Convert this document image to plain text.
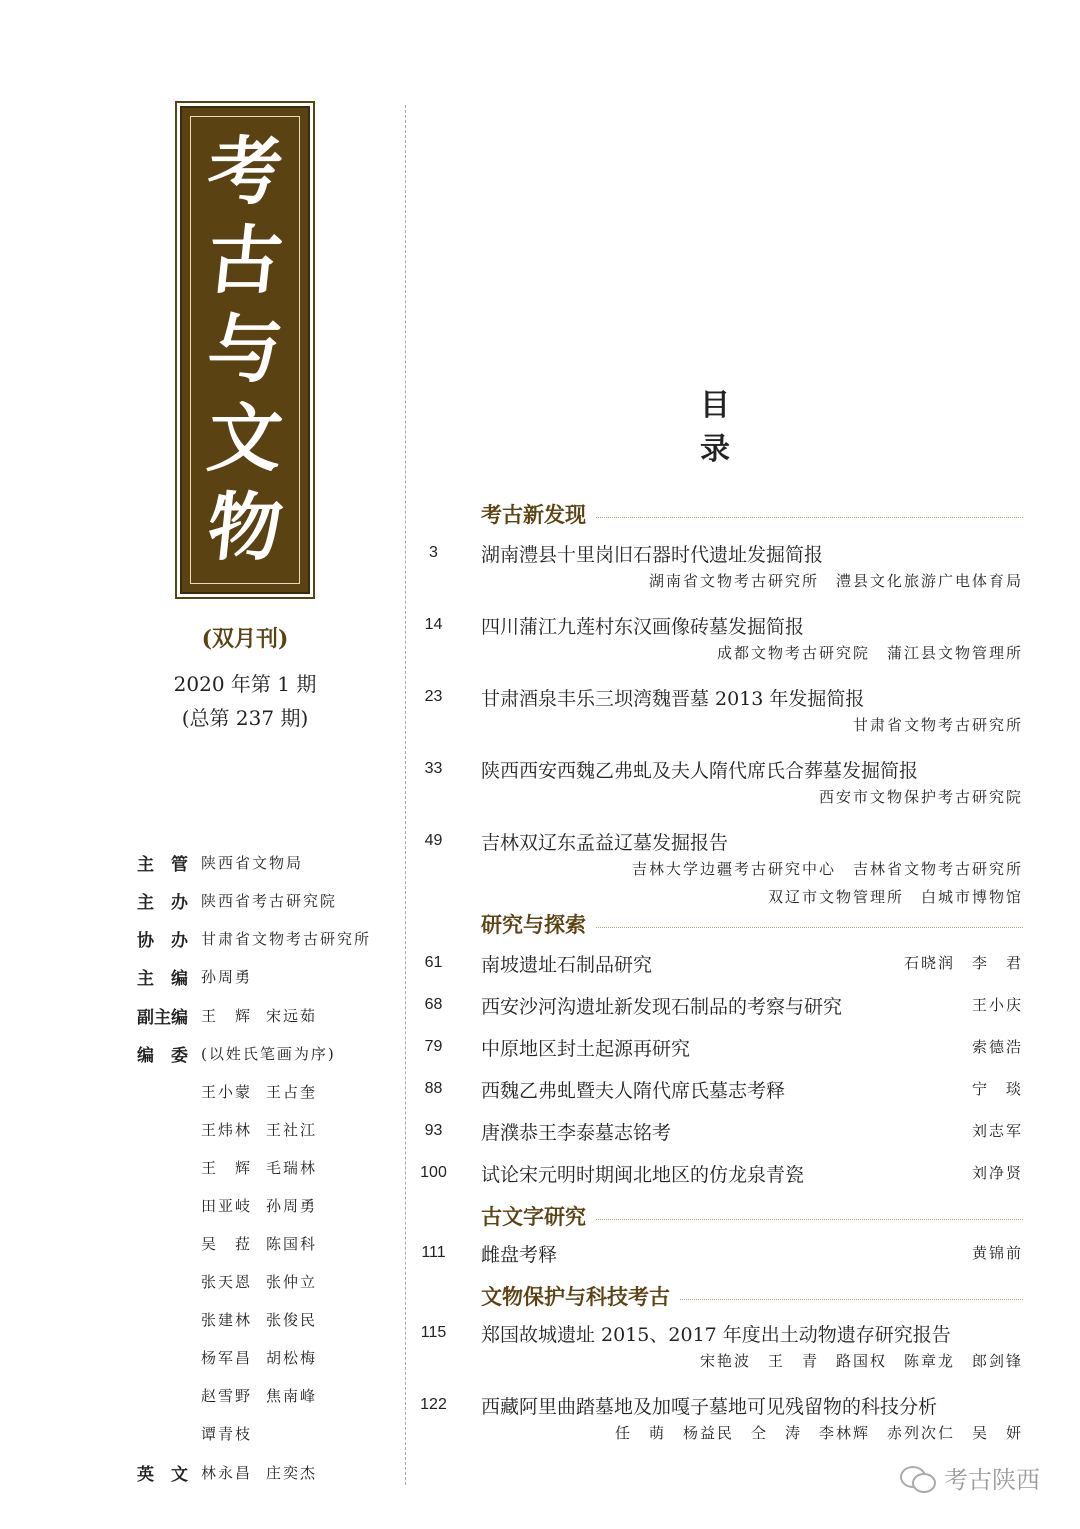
考
古
与
文
物
(双月刊)
2020 年第 1 期
(总第 237 期)
主　管 陕西省文物局
主　办 陕西省考古研究院
协　办 甘肃省文物考古研究所
主　编 孙周勇
副主编 王　辉 宋远茹
编　委 (以姓氏笔画为序)
王小蒙 王占奎
王炜林 王社江
王　辉 毛瑞林
田亚岐 孙周勇
吴　菈 陈国科
张天恩 张仲立
张建林 张俊民
杨军昌 胡松梅
赵雪野 焦南峰
谭青枝
英　文 林永昌 庄奕杰
目录
考古新发现
研究与探索
古文字研究
文物保护与科技考古
3	湖南澧县十里岗旧石器时代遗址发掘简报
湖南省文物考古研究所　澧县文化旅游广电体育局
14	四川蒲江九莲村东汉画像砖墓发掘简报
成都文物考古研究院　蒲江县文物管理所
23	甘肃酒泉丰乐三坝湾魏晋墓 2013 年发掘简报
甘肃省文物考古研究所
33	陕西西安西魏乙弗虬及夫人隋代席氏合葬墓发掘简报
西安市文物保护考古研究院
49	吉林双辽东孟益辽墓发掘报告
吉林大学边疆考古研究中心　吉林省文物考古研究所
双辽市文物管理所　白城市博物馆
61	南坡遗址石制品研究	石晓润　李　君
68	西安沙河沟遗址新发现石制品的考察与研究	王小庆
79	中原地区封土起源再研究	索德浩
88	西魏乙弗虬暨夫人隋代席氏墓志考释	宁　琰
93	唐濮恭王李泰墓志铭考	刘志军
100	试论宋元明时期闽北地区的仿龙泉青瓷	刘净贤
111	雌盘考释	黄锦前
115	郑国故城遗址 2015、2017 年度出土动物遗存研究报告
宋艳波　王　青　路国权　陈章龙　郎剑锋
122	西藏阿里曲踏墓地及加嘎子墓地可见残留物的科技分析
任　萌　杨益民　仝　涛　李林辉　赤列次仁　吴　妍
考古陕西
